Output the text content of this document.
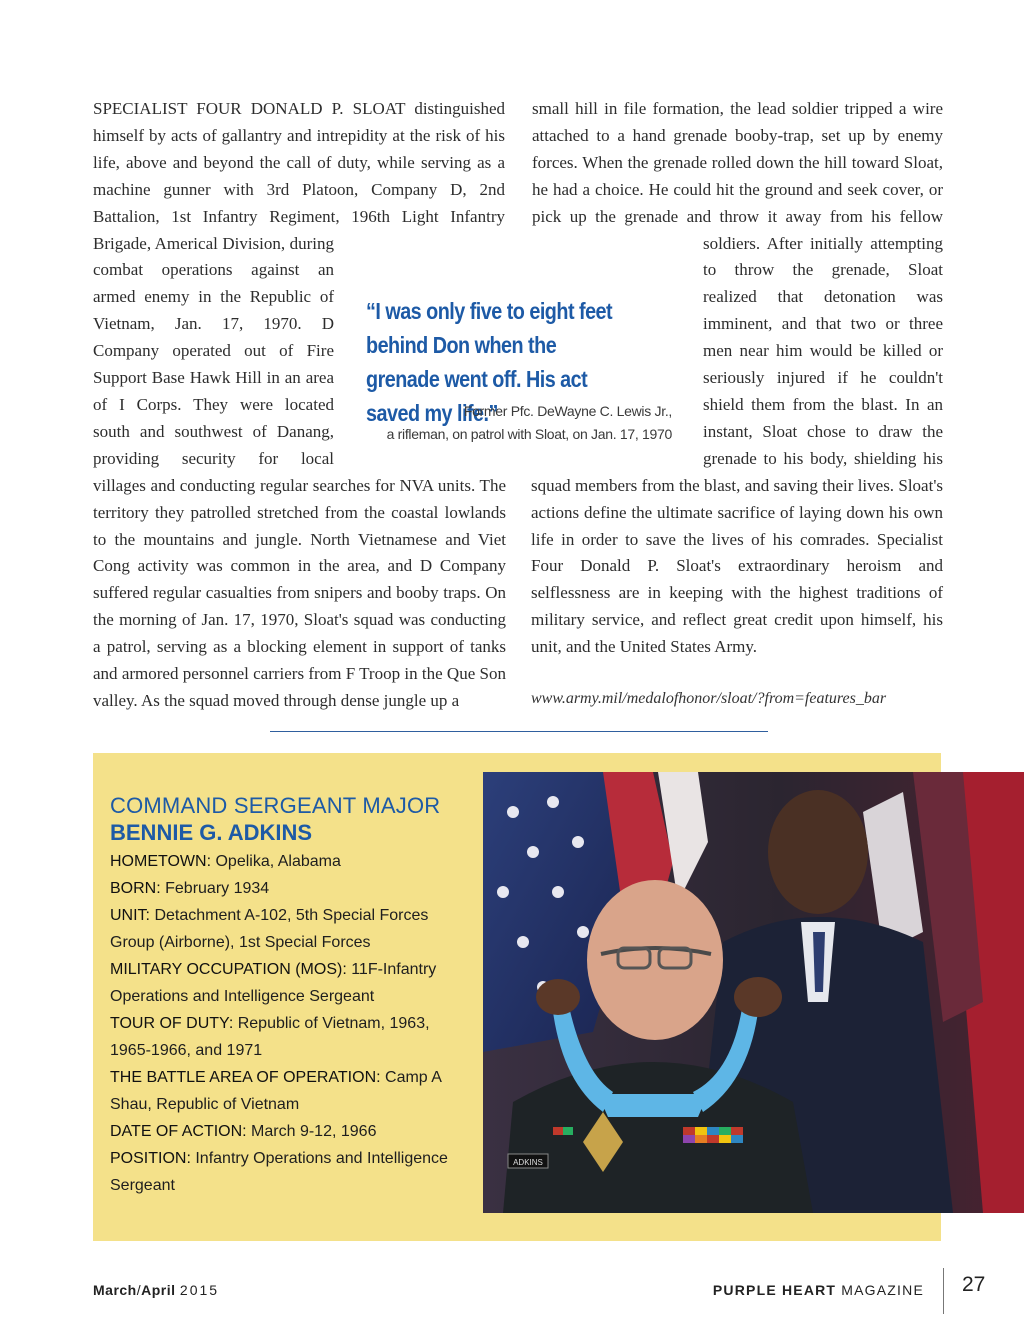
SPECIALIST FOUR DONALD P. SLOAT distinguished himself by acts of gallantry and intrepidity at the risk of his life, above and beyond the call of duty, while serving as a machine gunner with 3rd Platoon, Company D, 2nd Battalion, 1st Infantry Regiment, 196th Light Infantry Brigade, Americal Division, during combat operations against an armed enemy in the Republic of Vietnam, Jan. 17, 1970. D Company operated out of Fire Support Base Hawk Hill in an area of I Corps. They were located south and southwest of Danang, providing security for local villages and conducting regular searches for NVA units. The territory they patrolled stretched from the coastal lowlands to the mountains and jungle. North Vietnamese and Viet Cong activity was common in the area, and D Company suffered regular casualties from snipers and booby traps. On the morning of Jan. 17, 1970, Sloat's squad was conducting a patrol, serving as a blocking element in support of tanks and armored personnel carriers from F Troop in the Que Son valley. As the squad moved through dense jungle up a

small hill in file formation, the lead soldier tripped a wire attached to a hand grenade booby-trap, set up by enemy forces. When the grenade rolled down the hill toward Sloat, he had a choice. He could hit the ground and seek cover, or pick up the grenade and throw it away from his fellow soldiers. After initially attempting to throw the grenade, Sloat realized that detonation was imminent, and that two or three men near him would be killed or seriously injured if he couldn't shield them from the blast. In an instant, Sloat chose to draw the grenade to his body, shielding his squad members from the blast, and saving their lives. Sloat's actions define the ultimate sacrifice of laying down his own life in order to save the lives of his comrades. Specialist Four Donald P. Sloat's extraordinary heroism and selflessness are in keeping with the highest traditions of military service, and reflect great credit upon himself, his unit, and the United States Army.

“I was only five to eight feet behind Don when the grenade went off. His act saved my life.”
Former Pfc. DeWayne C. Lewis Jr.,
a rifleman, on patrol with Sloat, on Jan. 17, 1970
www.army.mil/medalofhonor/sloat/?from=features_bar
COMMAND SERGEANT MAJOR
BENNIE G. ADKINS
HOMETOWN: Opelika, Alabama
BORN: February 1934
UNIT: Detachment A-102, 5th Special Forces Group (Airborne), 1st Special Forces
MILITARY OCCUPATION (MOS): 11F-Infantry Operations and Intelligence Sergeant
TOUR OF DUTY: Republic of Vietnam, 1963, 1965-1966, and 1971
THE BATTLE AREA OF OPERATION: Camp A Shau, Republic of Vietnam
DATE OF ACTION: March 9-12, 1966
POSITION: Infantry Operations and Intelligence Sergeant
ADKINS
March/April 2015	PURPLE HEART MAGAZINE 27
